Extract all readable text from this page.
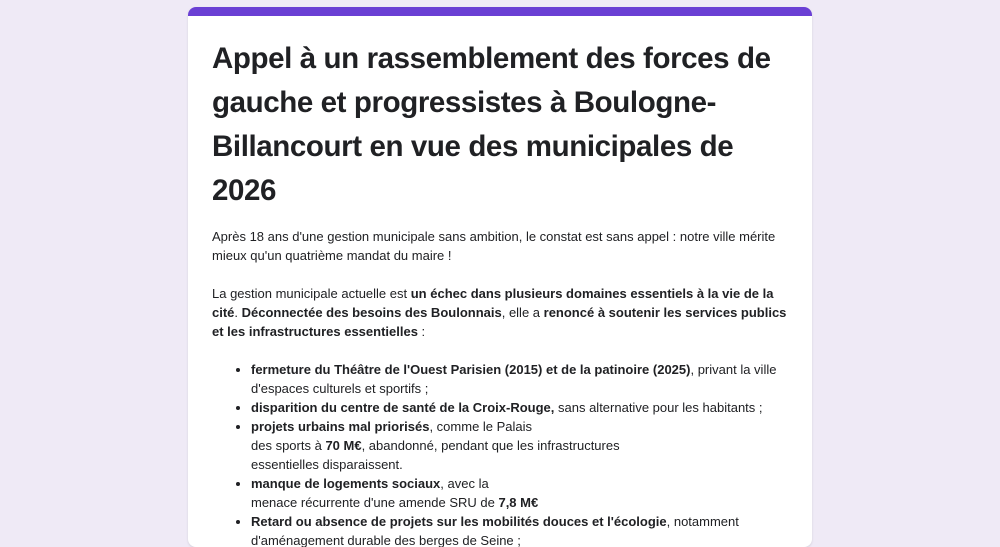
Appel à un rassemblement des forces de gauche et progressistes à Boulogne-Billancourt en vue des municipales de 2026

Après 18 ans d'une gestion municipale sans ambition, le constat est sans appel : notre ville mérite mieux qu'un quatrième mandat du maire !

La gestion municipale actuelle est un échec dans plusieurs domaines essentiels à la vie de la cité. Déconnectée des besoins des Boulonnais, elle a renoncé à soutenir les services publics et les infrastructures essentielles :

• fermeture du Théâtre de l'Ouest Parisien (2015) et de la patinoire (2025), privant la ville d'espaces culturels et sportifs ;
• disparition du centre de santé de la Croix-Rouge, sans alternative pour les habitants ;
• projets urbains mal priorisés, comme le Palais
des sports à 70 M€, abandonné, pendant que les infrastructures
essentielles disparaissent.
• manque de logements sociaux, avec la
menace récurrente d'une amende SRU de 7,8 M€
• Retard ou absence de projets sur les mobilités douces et l'écologie, notamment d'aménagement durable des berges de Seine ;
